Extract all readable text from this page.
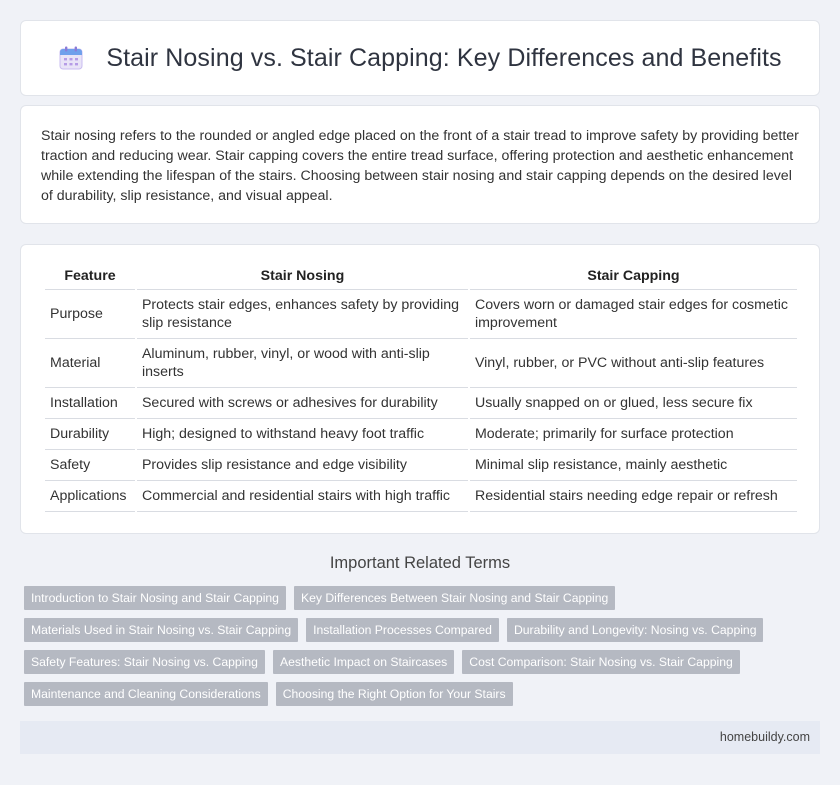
Stair Nosing vs. Stair Capping: Key Differences and Benefits

Stair nosing refers to the rounded or angled edge placed on the front of a stair tread to improve safety by providing better traction and reducing wear. Stair capping covers the entire tread surface, offering protection and aesthetic enhancement while extending the lifespan of the stairs. Choosing between stair nosing and stair capping depends on the desired level of durability, slip resistance, and visual appeal.

Feature	Stair Nosing	Stair Capping
Purpose	Protects stair edges, enhances safety by providing slip resistance	Covers worn or damaged stair edges for cosmetic improvement
Material	Aluminum, rubber, vinyl, or wood with anti-slip inserts	Vinyl, rubber, or PVC without anti-slip features
Installation	Secured with screws or adhesives for durability	Usually snapped on or glued, less secure fix
Durability	High; designed to withstand heavy foot traffic	Moderate; primarily for surface protection
Safety	Provides slip resistance and edge visibility	Minimal slip resistance, mainly aesthetic
Applications	Commercial and residential stairs with high traffic	Residential stairs needing edge repair or refresh
Important Related Terms
Introduction to Stair Nosing and Stair Capping	Key Differences Between Stair Nosing and Stair Capping
Materials Used in Stair Nosing vs. Stair Capping	Installation Processes Compared	Durability and Longevity: Nosing vs. Capping
Safety Features: Stair Nosing vs. Capping	Aesthetic Impact on Staircases	Cost Comparison: Stair Nosing vs. Stair Capping
Maintenance and Cleaning Considerations	Choosing the Right Option for Your Stairs
homebuildy.com
